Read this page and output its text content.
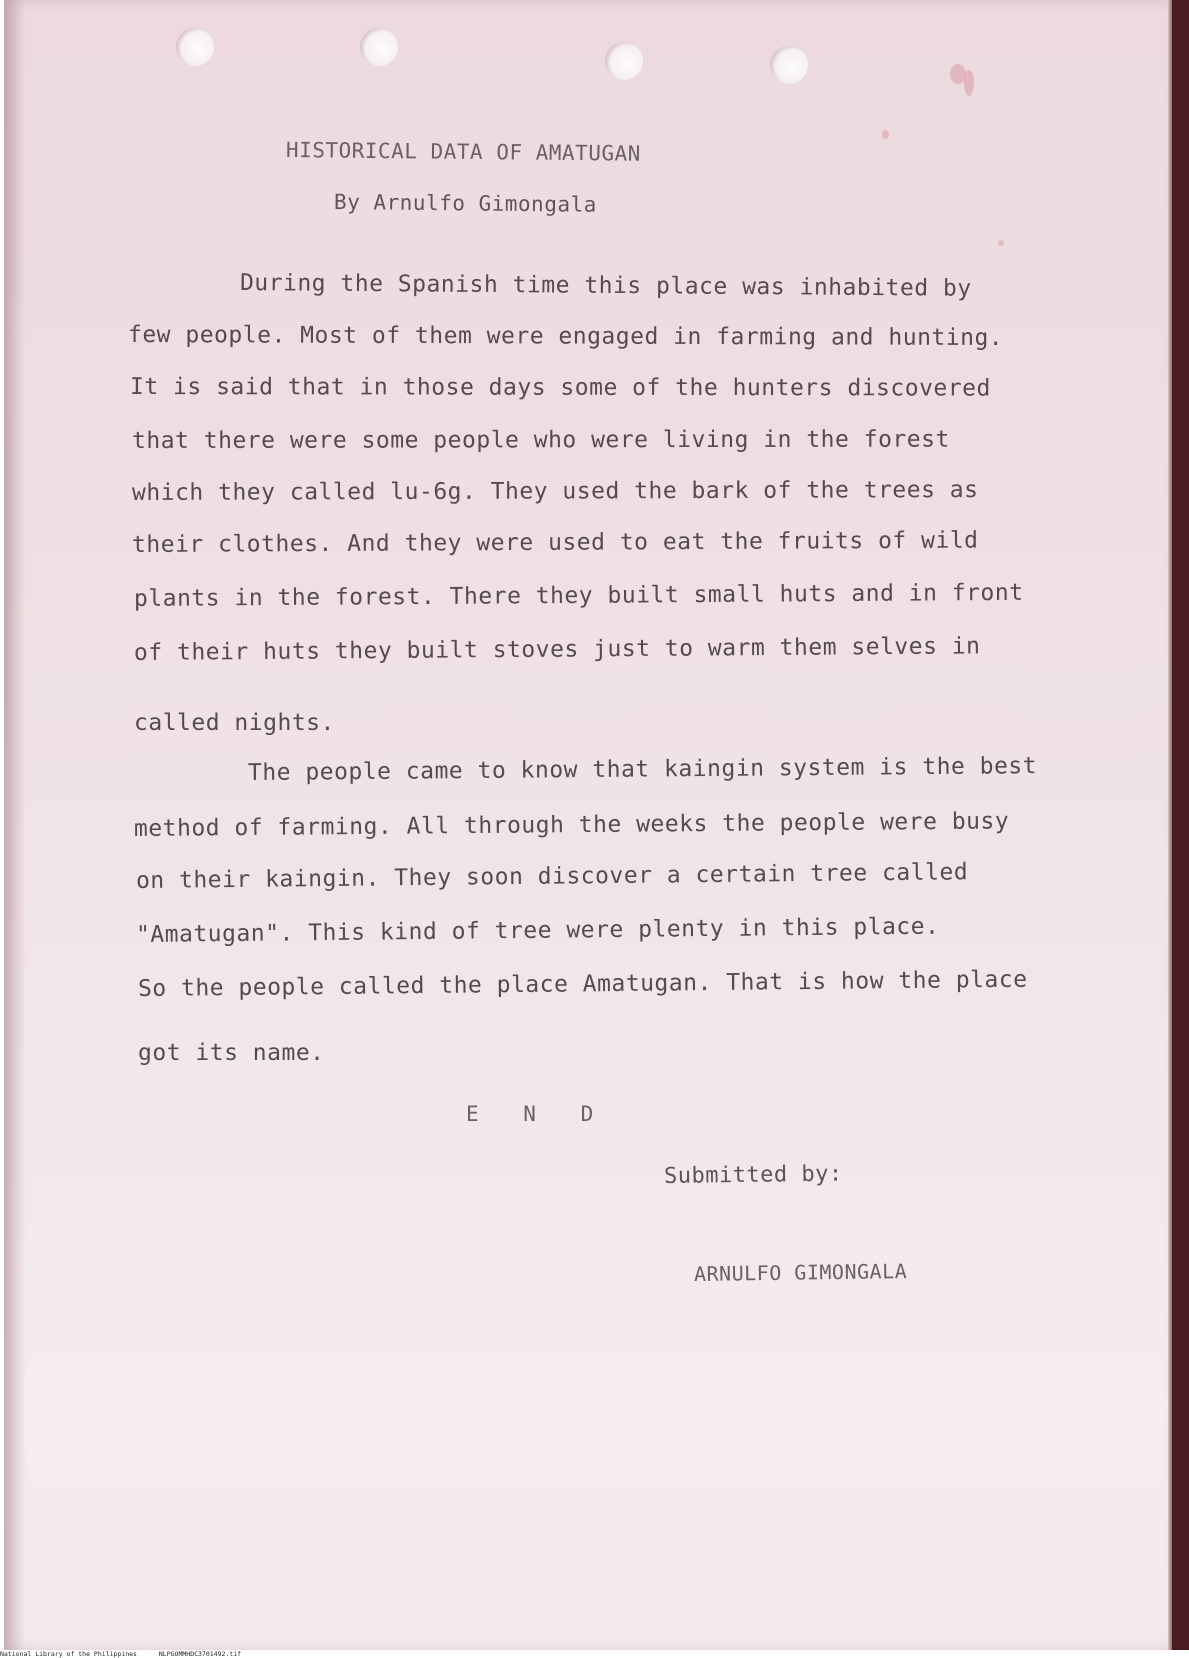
HISTORICAL DATA OF AMATUGAN

By Arnulfo Gimongala

During the Spanish time this place was inhabited by

few people. Most of them were engaged in farming and hunting.

It is said that in those days some of the hunters discovered

that there were some people who were living in the forest

which they called lu-6g. They used the bark of the trees as

their clothes. And they were used to eat the fruits of wild

plants in the forest. There they built small huts and in front

of their huts they built stoves just to warm them selves in

called nights.

The people came to know that kaingin system is the best

method of farming. All through the weeks the people were busy

on their kaingin. They soon discover a certain tree called

"Amatugan". This kind of tree were plenty in this place.

So the people called the place Amatugan. That is how the place

got its name.

E N D

Submitted by:

ARNULFO GIMONGALA

National Library of the Philippines	NLPGOMMHDC3701492.tif
